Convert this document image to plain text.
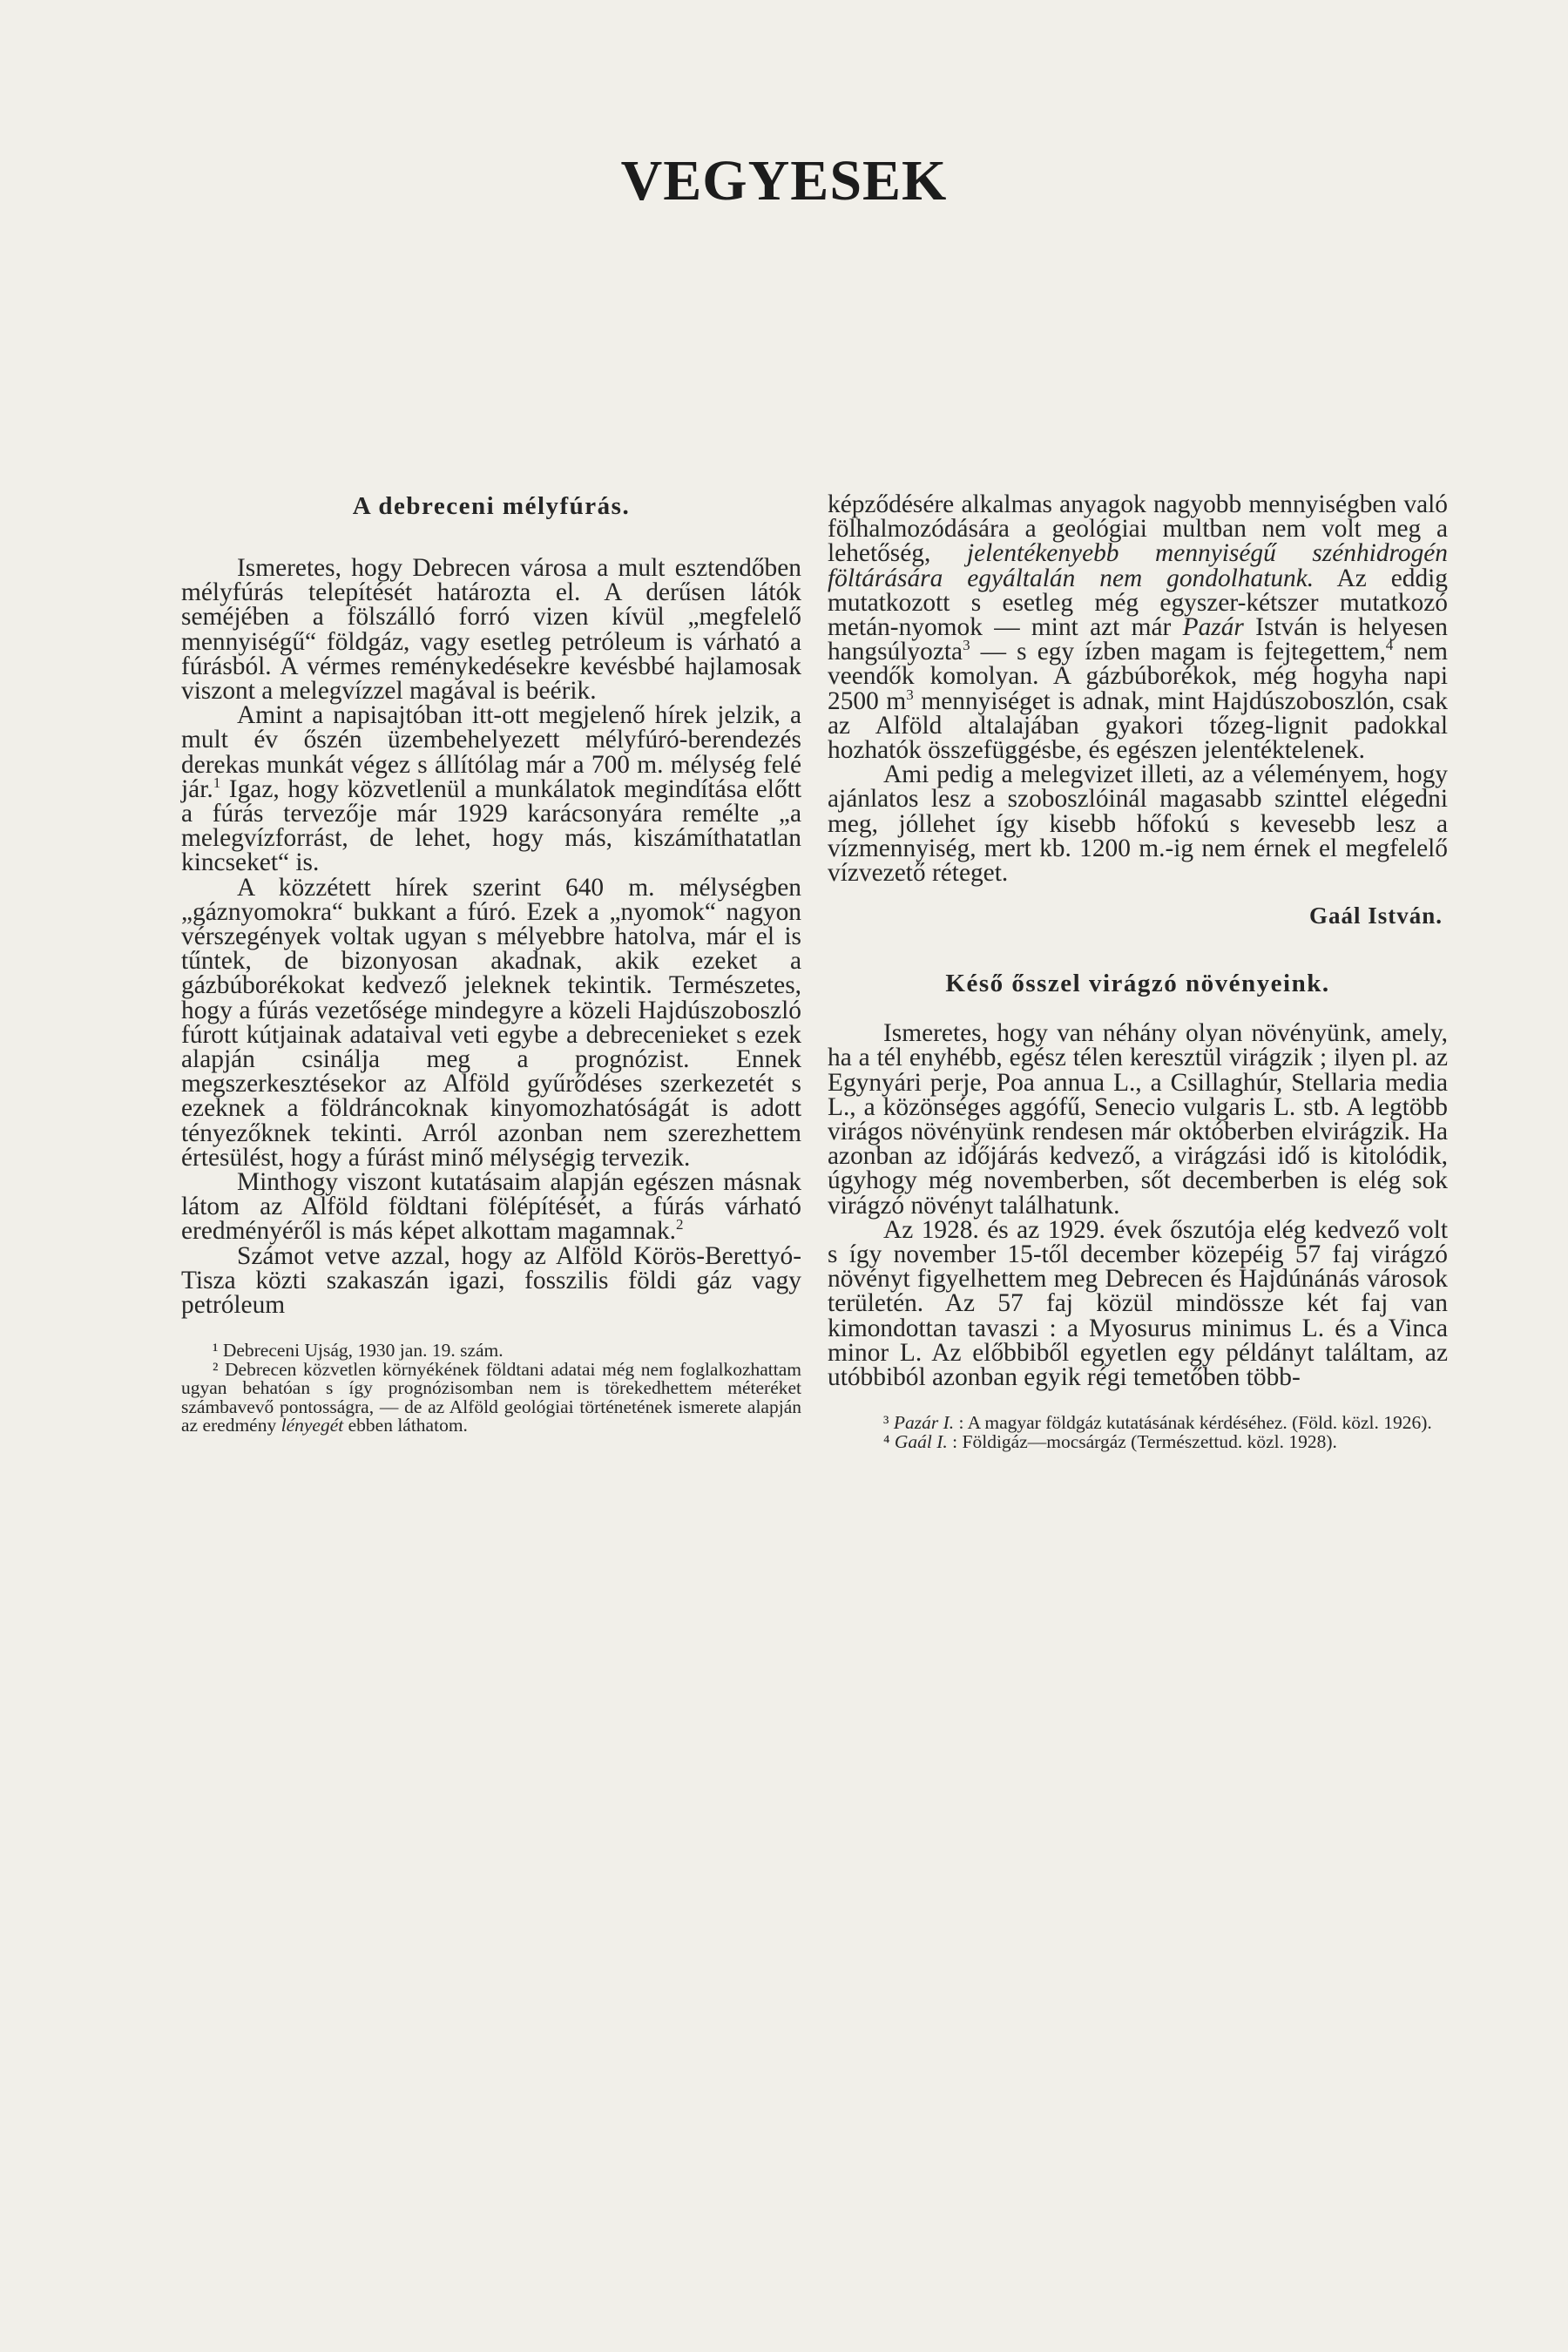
VEGYESEK
A debreceni mélyfúrás.

Ismeretes, hogy Debrecen városa a mult esztendőben mélyfúrás telepítését határozta el. A derűsen látók seméjében a fölszálló forró vizen kívül „megfelelő mennyiségű“ földgáz, vagy esetleg petróleum is várható a fúrásból. A vérmes reménykedésekre kevésbbé hajlamosak viszont a melegvízzel magával is beérik.

Amint a napisajtóban itt-ott megjelenő hírek jelzik, a mult év őszén üzembehelyezett mélyfúró-berendezés derekas munkát végez s állítólag már a 700 m. mélység felé jár.$^1$ Igaz, hogy közvetlenül a munkálatok megindítása előtt a fúrás tervezője már 1929 karácsonyára remélte „a melegvízforrást, de lehet, hogy más, kiszámíthatatlan kincseket“ is.

A közzétett hírek szerint 640 m. mélységben „gáznyomokra“ bukkant a fúró. Ezek a „nyomok“ nagyon vérszegények voltak ugyan s mélyebbre hatolva, már el is tűntek, de bizonyosan akadnak, akik ezeket a gázbúborékokat kedvező jeleknek tekintik. Természetes, hogy a fúrás vezetősége mindegyre a közeli Hajdúszoboszló fúrott kútjainak adataival veti egybe a debrecenieket s ezek alapján csinálja meg a prognózist. Ennek megszerkesztésekor az Alföld gyűrődéses szerkezetét s ezeknek a földráncoknak kinyomozhatóságát is adott tényezőknek tekinti. Arról azonban nem szerezhettem értesülést, hogy a fúrást minő mélységig tervezik.

Minthogy viszont kutatásaim alapján egészen másnak látom az Alföld földtani fölépítését, a fúrás várható eredményéről is más képet alkottam magamnak.$^2$

Számot vetve azzal, hogy az Alföld Körös-Berettyó-Tisza közti szakaszán igazi, fosszilis földi gáz vagy petróleum

¹ Debreceni Ujság, 1930 jan. 19. szám.

² Debrecen közvetlen környékének földtani adatai még nem foglalkozhattam ugyan behatóan s így prognózisomban nem is törekedhettem méteréket számbavevő pontosságra, — de az Alföld geológiai történetének ismerete alapján az eredmény lényegét ebben láthatom.

képződésére alkalmas anyagok nagyobb mennyiségben való fölhalmozódására a geológiai multban nem volt meg a lehetőség, jelentékenyebb mennyiségű szénhidrogén föltárására egyáltalán nem gondolhatunk. Az eddig mutatkozott s esetleg még egyszer-kétszer mutatkozó metán-nyomok — mint azt már Pazár István is helyesen hangsúlyozta$^3$ — s egy ízben magam is fejtegettem,$^4$ nem veendők komolyan. A gázbúborékok, még hogyha napi 2500 $m^3$ mennyiséget is adnak, mint Hajdúszoboszlón, csak az Alföld altalajában gyakori tőzeg-lignit padokkal hozhatók összefüggésbe, és egészen jelentéktelenek.

Ami pedig a melegvizet illeti, az a véleményem, hogy ajánlatos lesz a szoboszlóinál magasabb szinttel elégedni meg, jóllehet így kisebb hőfokú s kevesebb lesz a vízmennyiség, mert kb. 1200 m.-ig nem érnek el megfelelő vízvezető réteget.

Gaál István.
Késő ősszel virágzó növényeink.

Ismeretes, hogy van néhány olyan növényünk, amely, ha a tél enyhébb, egész télen keresztül virágzik ; ilyen pl. az Egynyári perje, Poa annua L., a Csillaghúr, Stellaria media L., a közönséges aggófű, Senecio vulgaris L. stb. A legtöbb virágos növényünk rendesen már októberben elvirágzik. Ha azonban az időjárás kedvező, a virágzási idő is kitolódik, úgyhogy még novemberben, sőt decemberben is elég sok virágzó növényt találhatunk.

Az 1928. és az 1929. évek őszutója elég kedvező volt s így november 15-től december közepéig 57 faj virágzó növényt figyelhettem meg Debrecen és Hajdúnánás városok területén. Az 57 faj közül mindössze két faj van kimondottan tavaszi : a Myosurus minimus L. és a Vinca minor L. Az előbbiből egyetlen egy példányt találtam, az utóbbiból azonban egyik régi temetőben több-

³ Pazár I. : A magyar földgáz kutatásának kérdéséhez. (Föld. közl. 1926).

⁴ Gaál I. : Földigáz—mocsárgáz (Természettud. közl. 1928).
